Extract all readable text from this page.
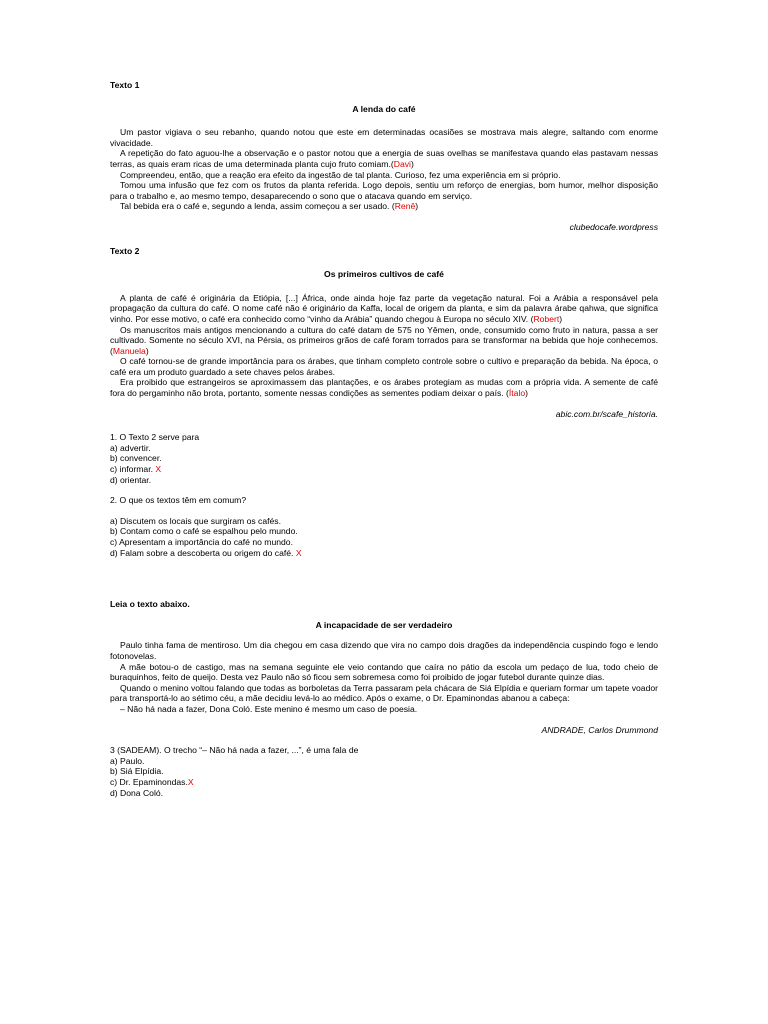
Texto 1

A lenda do café

Um pastor vigiava o seu rebanho, quando notou que este em determinadas ocasiões se mostrava mais alegre, saltando com enorme vivacidade.

A repetição do fato aguou-lhe a observação e o pastor notou que a energia de suas ovelhas se manifestava quando elas pastavam nessas terras, as quais eram ricas de uma determinada planta cujo fruto comiam.(Davi)

Compreendeu, então, que a reação era efeito da ingestão de tal planta. Curioso, fez uma experiência em si próprio.

Tomou uma infusão que fez com os frutos da planta referida. Logo depois, sentiu um reforço de energias, bom humor, melhor disposição para o trabalho e, ao mesmo tempo, desaparecendo o sono que o atacava quando em serviço.

Tal bebida era o café e, segundo a lenda, assim começou a ser usado. (Renê)

clubedocafe.wordpress

Texto 2

Os primeiros cultivos de café

A planta de café é originária da Etiópia, [...] África, onde ainda hoje faz parte da vegetação natural. Foi a Arábia a responsável pela propagação da cultura do café. O nome café não é originário da Kaffa, local de origem da planta, e sim da palavra árabe qahwa, que significa vinho. Por esse motivo, o café era conhecido como “vinho da Arábia” quando chegou à Europa no século XIV. (Robert)

Os manuscritos mais antigos mencionando a cultura do café datam de 575 no Yêmen, onde, consumido como fruto in natura, passa a ser cultivado. Somente no século XVI, na Pérsia, os primeiros grãos de café foram torrados para se transformar na bebida que hoje conhecemos. (Manuela)

O café tornou-se de grande importância para os árabes, que tinham completo controle sobre o cultivo e preparação da bebida. Na época, o café era um produto guardado a sete chaves pelos árabes.

Era proibido que estrangeiros se aproximassem das plantações, e os árabes protegiam as mudas com a própria vida. A semente de café fora do pergaminho não brota, portanto, somente nessas condições as sementes podiam deixar o país. (Ítalo)

abic.com.br/scafe_historia.

1. O Texto 2 serve para

a) advertir.

b) convencer.

c) informar. X

d) orientar.

2. O que os textos têm em comum?

a) Discutem os locais que surgiram os cafés.

b) Contam como o café se espalhou pelo mundo.

c) Apresentam a importância do café no mundo.

d) Falam sobre a descoberta ou origem do café. X

Leia o texto abaixo.

A incapacidade de ser verdadeiro

Paulo tinha fama de mentiroso. Um dia chegou em casa dizendo que vira no campo dois dragões da independência cuspindo fogo e lendo fotonovelas.

A mãe botou-o de castigo, mas na semana seguinte ele veio contando que caíra no pátio da escola um pedaço de lua, todo cheio de buraquinhos, feito de queijo. Desta vez Paulo não só ficou sem sobremesa como foi proibido de jogar futebol durante quinze dias.

Quando o menino voltou falando que todas as borboletas da Terra passaram pela chácara de Siá Elpídia e queriam formar um tapete voador para transportá-lo ao sétimo céu, a mãe decidiu levá-lo ao médico. Após o exame, o Dr. Epaminondas abanou a cabeça:

– Não há nada a fazer, Dona Coló. Este menino é mesmo um caso de poesia.

ANDRADE, Carlos Drummond

3 (SADEAM). O trecho “– Não há nada a fazer, ...”, é uma fala de

a) Paulo.

b) Siá Elpídia.

c) Dr. Epaminondas.X

d) Dona Coló.
